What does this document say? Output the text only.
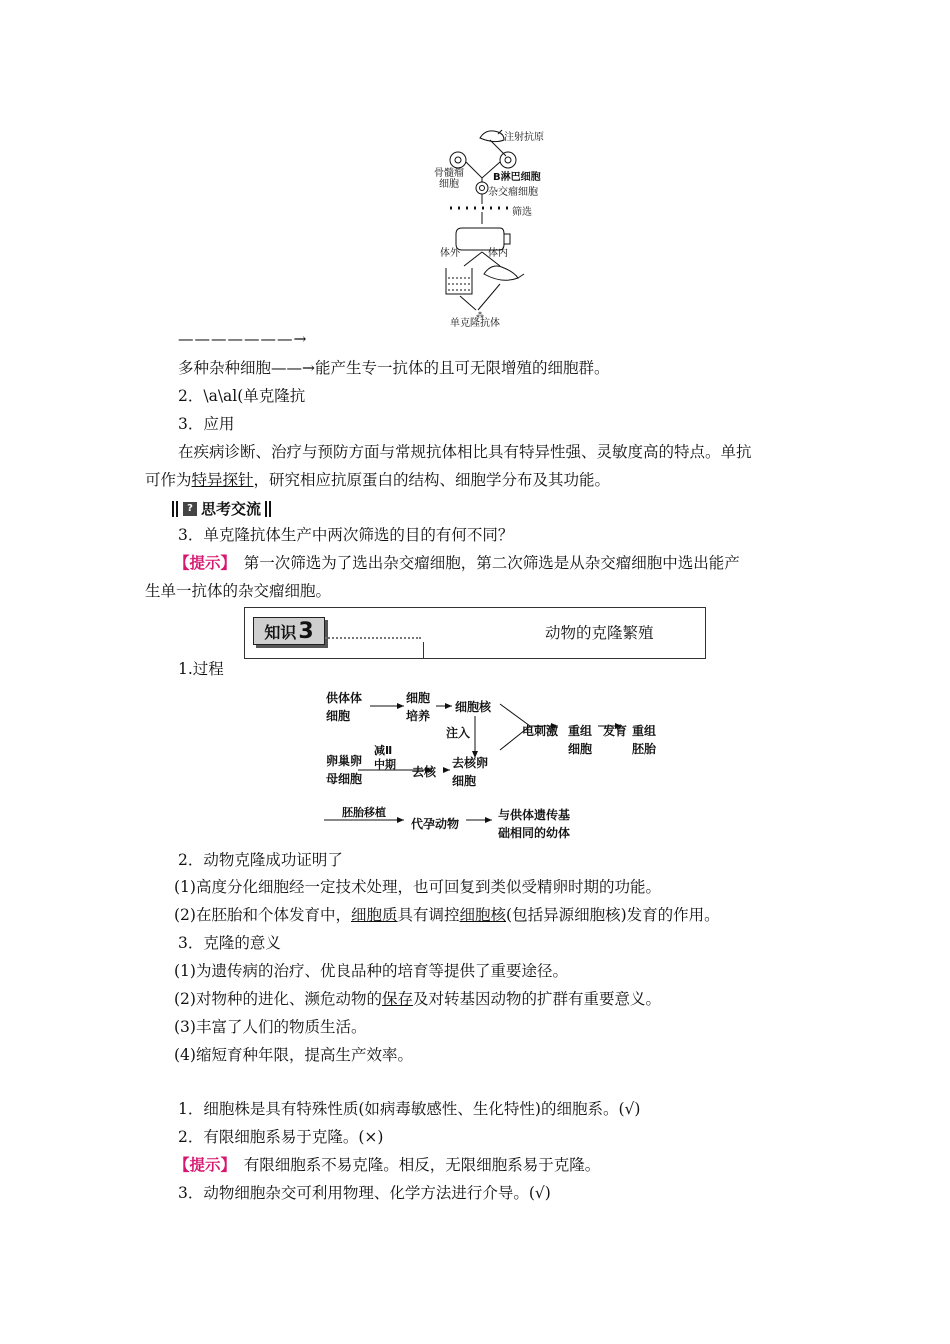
⁂
注射抗原
骨髓瘤
细胞
B淋巴细胞
杂交瘤细胞
筛选
体外	体内
单克隆抗体
———————→
多种杂种细胞——→能产生专一抗体的且可无限增殖的细胞群。
2．\a\al(单克隆抗
3．应用
在疾病诊断、治疗与预防方面与常规抗体相比具有特异性强、灵敏度高的特点。单抗
可作为特异探针，研究相应抗原蛋白的结构、细胞学分布及其功能。
? 思考交流
3．单克隆抗体生产中两次筛选的目的有何不同？
【提示】　第一次筛选为了选出杂交瘤细胞，第二次筛选是从杂交瘤细胞中选出能产
生单一抗体的杂交瘤细胞。
知识 3	动物的克隆繁殖
1.过程
供体体
细胞
细胞
培养
细胞核
注入	电刺激 重组
细胞
发育 重组
胚胎
卵巢卵
母细胞
减Ⅱ
中期
去核
去核卵
细胞
胚胎移植
代孕动物
与供体遗传基
础相同的幼体
2．动物克隆成功证明了
(1)高度分化细胞经一定技术处理，也可回复到类似受精卵时期的功能。
(2)在胚胎和个体发育中，细胞质具有调控细胞核(包括异源细胞核)发育的作用。
3．克隆的意义
(1)为遗传病的治疗、优良品种的培育等提供了重要途径。
(2)对物种的进化、濒危动物的保存及对转基因动物的扩群有重要意义。
(3)丰富了人们的物质生活。
(4)缩短育种年限，提高生产效率。
1．细胞株是具有特殊性质(如病毒敏感性、生化特性)的细胞系。(√)
2．有限细胞系易于克隆。(×)
【提示】　有限细胞系不易克隆。相反，无限细胞系易于克隆。
3．动物细胞杂交可利用物理、化学方法进行介导。(√)
